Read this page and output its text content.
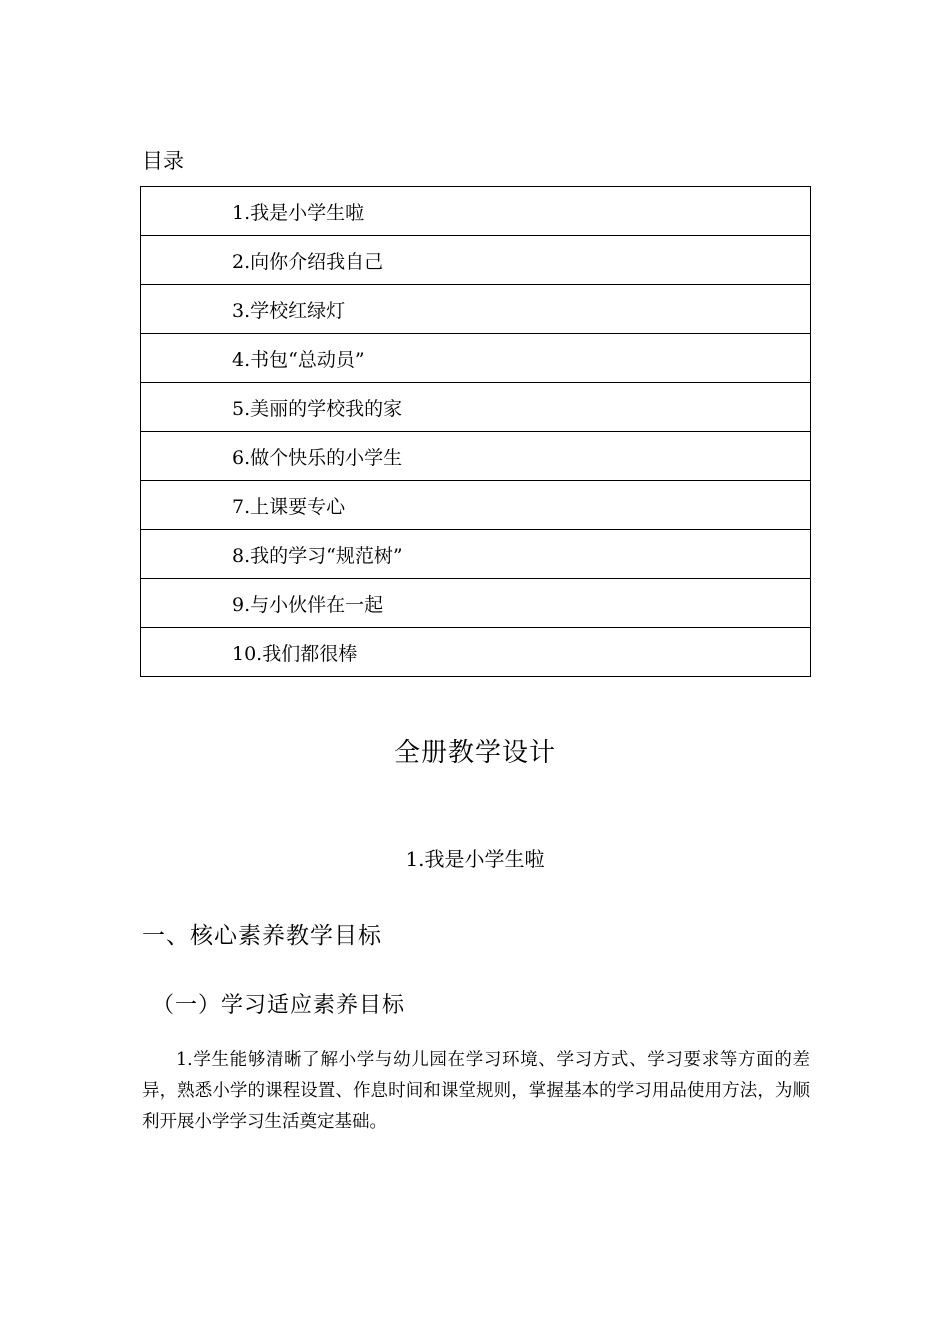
目录
1.我是小学生啦
2.向你介绍我自己
3.学校红绿灯
4.书包“总动员”
5.美丽的学校我的家
6.做个快乐的小学生
7.上课要专心
8.我的学习“规范树”
9.与小伙伴在一起
10.我们都很棒
全册教学设计
1.我是小学生啦
一、核心素养教学目标
（一）学习适应素养目标

1.学生能够清晰了解小学与幼儿园在学习环境、学习方式、学习要求等方面的差异，熟悉小学的课程设置、作息时间和课堂规则，掌握基本的学习用品使用方法，为顺利开展小学学习生活奠定基础。
